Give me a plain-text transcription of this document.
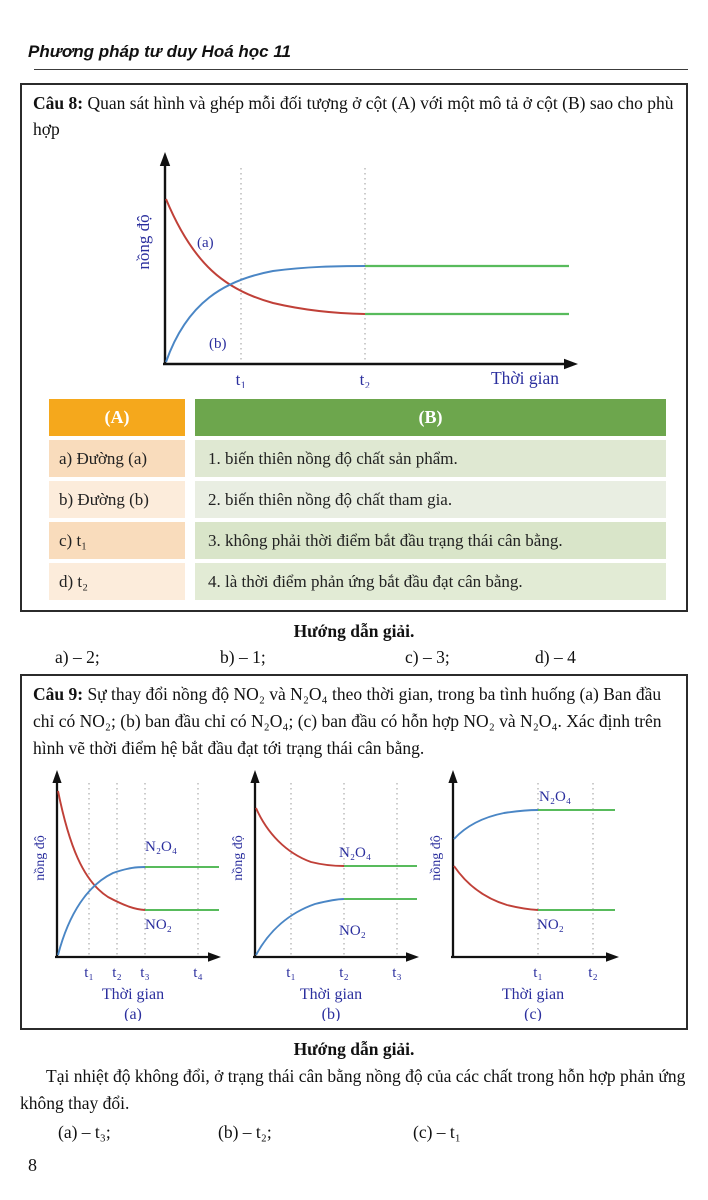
Phương pháp tư duy Hoá học 11

Câu 8: Quan sát hình và ghép mỗi đối tượng ở cột (A) với một mô tả ở cột (B) sao cho phù hợp

nồng độ	(a)
(b)
t₁	t₂	Thời gian
(A)	(B)
a) Đường (a)	1. biến thiên nồng độ chất sản phẩm.
b) Đường (b)	2. biến thiên nồng độ chất tham gia.
c) t₁	3. không phải thời điểm bắt đầu trạng thái cân bằng.
d) t₂	4. là thời điểm phản ứng bắt đầu đạt cân bằng.
Hướng dẫn giải.
a) – 2;	b) – 1;	c) – 3;	d) – 4

Câu 9: Sự thay đổi nồng độ NO₂ và N₂O₄ theo thời gian, trong ba tình huống (a) Ban đầu chỉ có NO₂; (b) ban đầu chỉ có N₂O₄; (c) ban đầu có hỗn hợp NO₂ và N₂O₄. Xác định trên hình vẽ thời điểm hệ bắt đầu đạt tới trạng thái cân bằng.

nồng độ	N₂O₄
NO₂
t₁ t₂ t₃	t₄
Thời gian
(a)
nồng độ	N₂O₄
NO₂
t₁	t₂	t₃
Thời gian
(b)
nồng độ
N₂O₄
NO₂
t₁	t₂
Thời gian
(c)
Hướng dẫn giải.

Tại nhiệt độ không đổi, ở trạng thái cân bằng nồng độ của các chất trong hỗn hợp phản ứng không thay đổi.

(a) – t₃;	(b) – t₂;	(c) – t₁
8
